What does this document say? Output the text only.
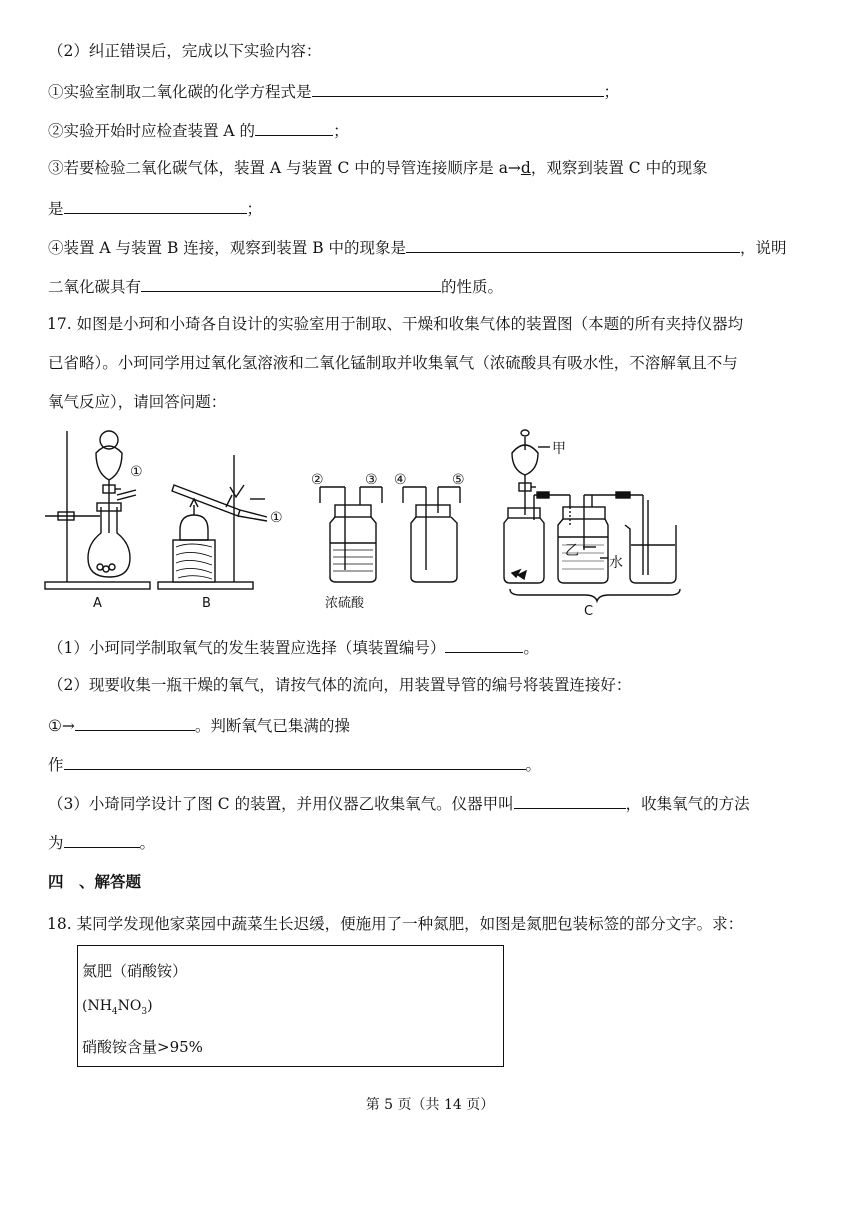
（2）纠正错误后，完成以下实验内容：
①实验室制取二氧化碳的化学方程式是	；
②实验开始时应检查装置 A 的	；
③若要检验二氧化碳气体，装置 A 与装置 C 中的导管连接顺序是 a→d，观察到装置 C 中的现象
是	；
④装置 A 与装置 B 连接，观察到装置 B 中的现象是	，说明
二氧化碳具有	的性质。
17. 如图是小珂和小琦各自设计的实验室用于制取、干燥和收集气体的装置图（本题的所有夹持仪器均
已省略）。小珂同学用过氧化氢溶液和二氧化锰制取并收集氧气（浓硫酸具有吸水性，不溶解氧且不与
氧气反应），请回答问题：
A	B
C
浓硫酸
①
①
②	③ ④	⑤
甲
乙
水
（1）小珂同学制取氧气的发生装置应选择（填装置编号）	。
（2）现要收集一瓶干燥的氧气，请按气体的流向，用装置导管的编号将装置连接好：
①→	。判断氧气已集满的操
作	。
（3）小琦同学设计了图 C 的装置，并用仪器乙收集氧气。仪器甲叫	，收集氧气的方法
为	。
四　、解答题
18. 某同学发现他家菜园中蔬菜生长迟缓，便施用了一种氮肥，如图是氮肥包装标签的部分文字。求：
氮肥（硝酸铵）
$(NH_4NO_3)$
硝酸铵含量>95%
第 5 页（共 14 页）
